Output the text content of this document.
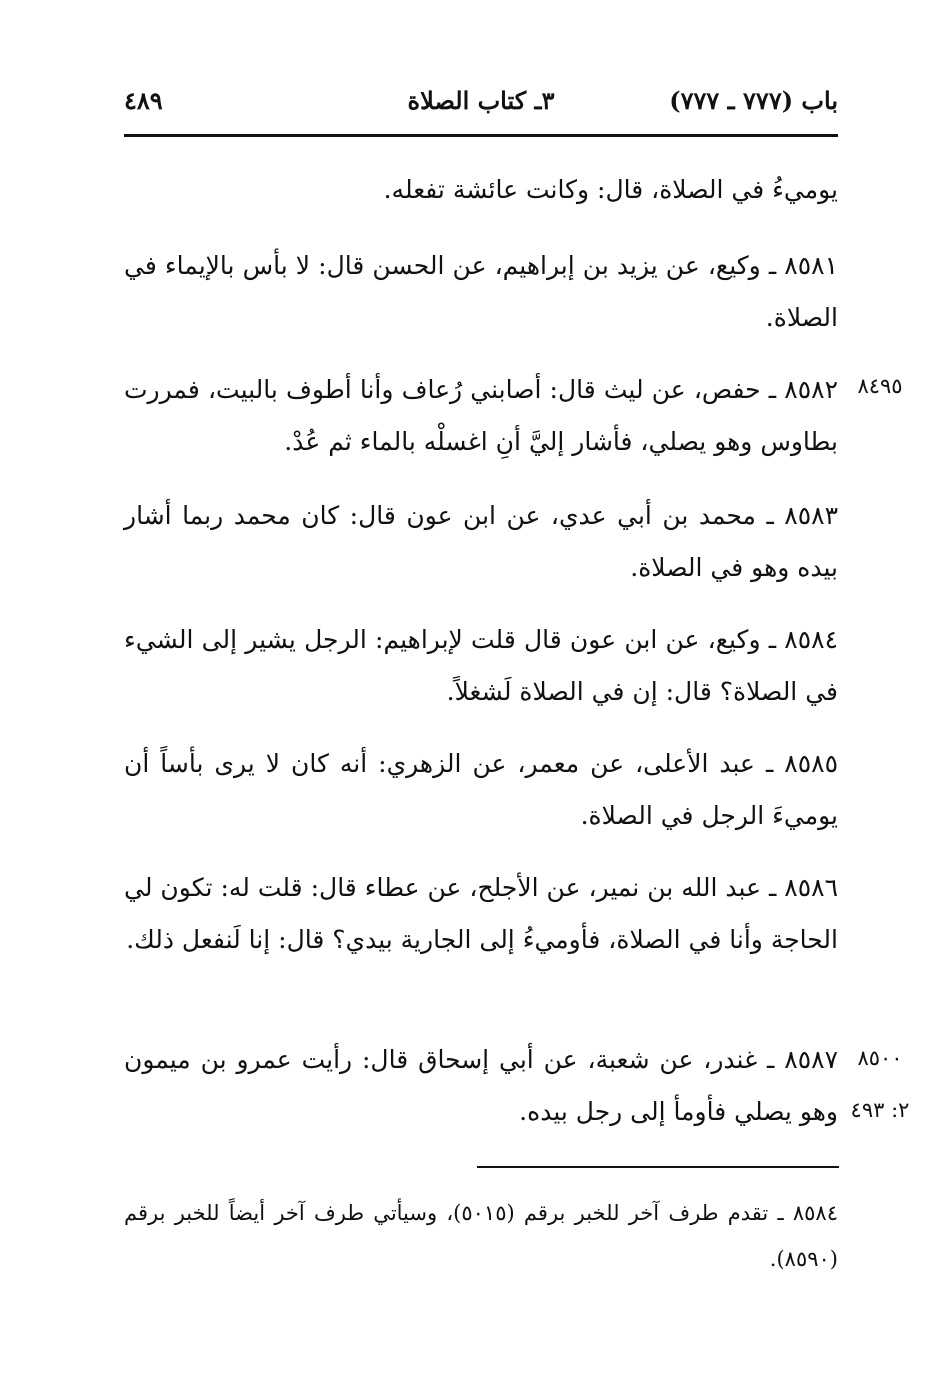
باب (٧٧٧ ـ ٧٧٧)
٣ـ كتاب الصلاة
٤٨٩

يوميءُ في الصلاة، قال: وكانت عائشة تفعله.

٨٥٨١ ـ وكيع، عن يزيد بن إبراهيم، عن الحسن قال: لا بأس بالإيماء في الصلاة.

٨٥٨٢ ـ حفص، عن ليث قال: أصابني رُعاف وأنا أطوف بالبيت، فمررت بطاوس وهو يصلي، فأشار إليَّ أنِ اغسلْه بالماء ثم عُدْ.

٨٥٨٣ ـ محمد بن أبي عدي، عن ابن عون قال: كان محمد ربما أشار بيده وهو في الصلاة.

٨٥٨٤ ـ وكيع، عن ابن عون قال قلت لإبراهيم: الرجل يشير إلى الشيء في الصلاة؟ قال: إن في الصلاة لَشغلاً.

٨٥٨٥ ـ عبد الأعلى، عن معمر، عن الزهري: أنه كان لا يرى بأساً أن يوميءَ الرجل في الصلاة.

٨٥٨٦ ـ عبد الله بن نمير، عن الأجلح، عن عطاء قال: قلت له: تكون لي الحاجة وأنا في الصلاة، فأوميءُ إلى الجارية بيدي؟ قال: إنا لَنفعل ذلك.

٨٥٨٧ ـ غندر، عن شعبة، عن أبي إسحاق قال: رأيت عمرو بن ميمون وهو يصلي فأومأ إلى رجل بيده.

٨٤٩٥
٨٥٠٠
٢: ٤٩٣

٨٥٨٤ ـ تقدم طرف آخر للخبر برقم (٥٠١٥)، وسيأتي طرف آخر أيضاً للخبر برقم (٨٥٩٠).
